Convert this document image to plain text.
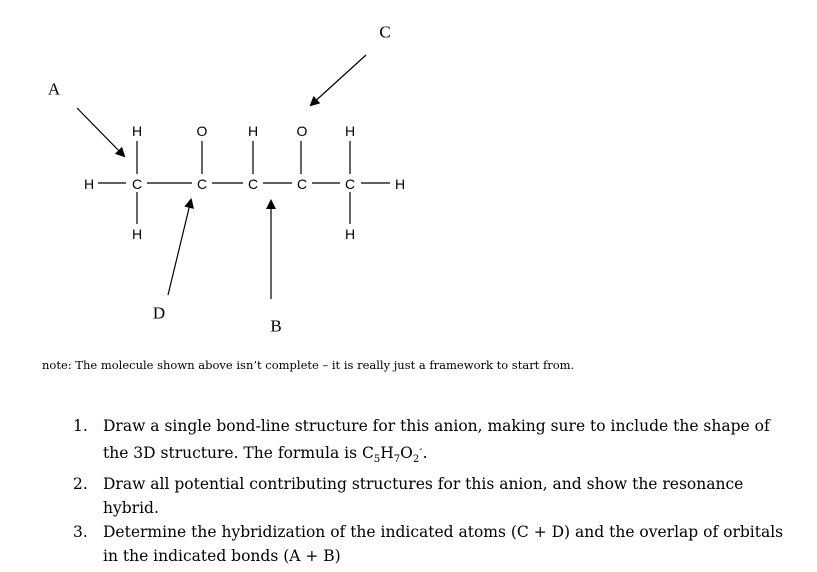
H	C	C	C	C	C	H
H	O	H	O	H
H	H
A
C
D
B
note: The molecule shown above isn’t complete – it is really just a framework to start from.
1. Draw a single bond-line structure for this anion, making sure to include the shape of the 3D structure. The formula is $C_5H_7O_2^-$.
2. Draw all potential contributing structures for this anion, and show the resonance hybrid.
3. Determine the hybridization of the indicated atoms (C + D) and the overlap of orbitals in the indicated bonds (A + B)
